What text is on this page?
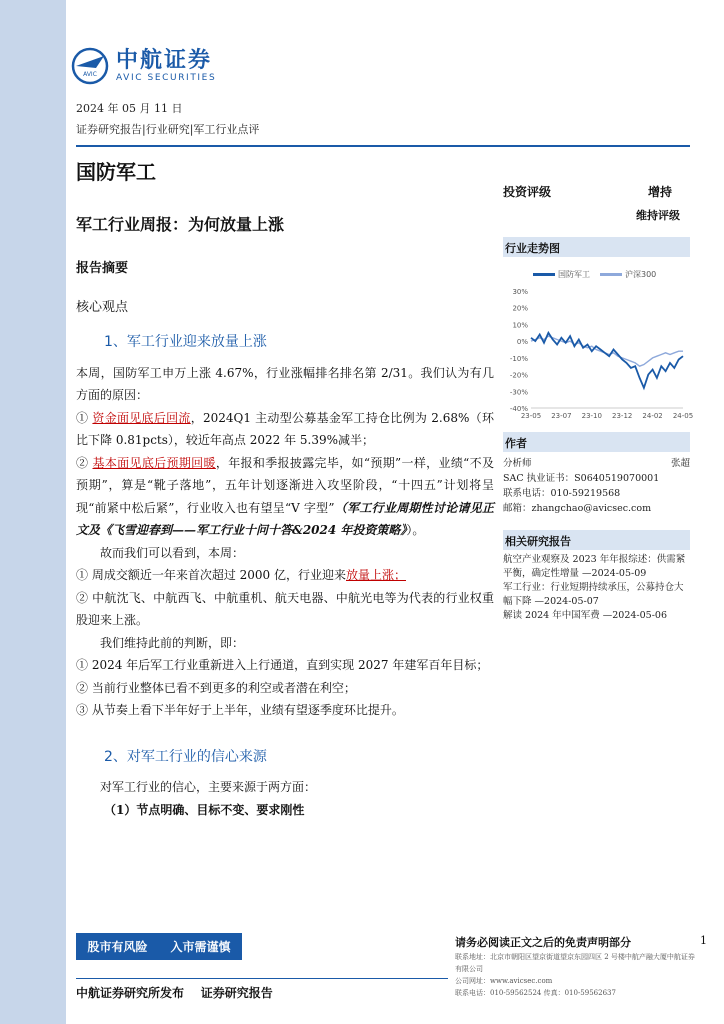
AVIC
中航证券
AVIC SECURITIES
2024 年 05 月 11 日
证券研究报告|行业研究|军工行业点评
国防军工
军工行业周报：为何放量上涨
投资评级	增持
维持评级
报告摘要
核心观点
1、军工行业迎来放量上涨

本周，国防军工申万上涨 4.67%，行业涨幅排名排名第 2/31。我们认为有几方面的原因：

① 资金面见底后回流，2024Q1 主动型公募基金军工持仓比例为 2.68%（环比下降 0.81pcts），较近年高点 2022 年 5.39%减半；

② 基本面见底后预期回暖，年报和季报披露完毕，如“预期”一样，业绩“不及预期”，算是“靴子落地”，五年计划逐渐进入攻坚阶段，“十四五”计划将呈现“前紧中松后紧”，行业收入也有望呈“V 字型”（军工行业周期性讨论请见正文及《飞雪迎春到——军工行业十问十答&2024 年投资策略》）。

故而我们可以看到，本周：

① 周成交额近一年来首次超过 2000 亿，行业迎来放量上涨；

② 中航沈飞、中航西飞、中航重机、航天电器、中航光电等为代表的行业权重股迎来上涨。

我们维持此前的判断，即：

① 2024 年后军工行业重新进入上行通道，直到实现 2027 年建军百年目标；

② 当前行业整体已看不到更多的利空或者潜在利空；

③ 从节奏上看下半年好于上半年，业绩有望逐季度环比提升。

2、对军工行业的信心来源

对军工行业的信心，主要来源于两方面：

（1）节点明确、目标不变、要求刚性

行业走势图
国防军工	沪深300
30%
20%
10%
0%
-10%
-20%
-30%
-40%
23-05 23-07 23-10 23-12 24-02 24-05
作者
分析师	张超
SAC 执业证书：S0640519070001
联系电话：010-59219568
邮箱：zhangchao@avicsec.com
相关研究报告
航空产业观察及 2023 年年报综述：供需紧平衡，确定性增量 —2024-05-09
军工行业：行业短期持续承压，公募持仓大幅下降 —2024-05-07
解读 2024 年中国军费 —2024-05-06
股市有风险 入市需谨慎	请务必阅读正文之后的免责声明部分	1
联系地址：北京市朝阳区望京街道望京东园四区 2 号楼中航产融大厦中航证券有限公司
公司网址：www.avicsec.com
联系电话：010-59562524 传真：010-59562637
中航证券研究所发布 证券研究报告
